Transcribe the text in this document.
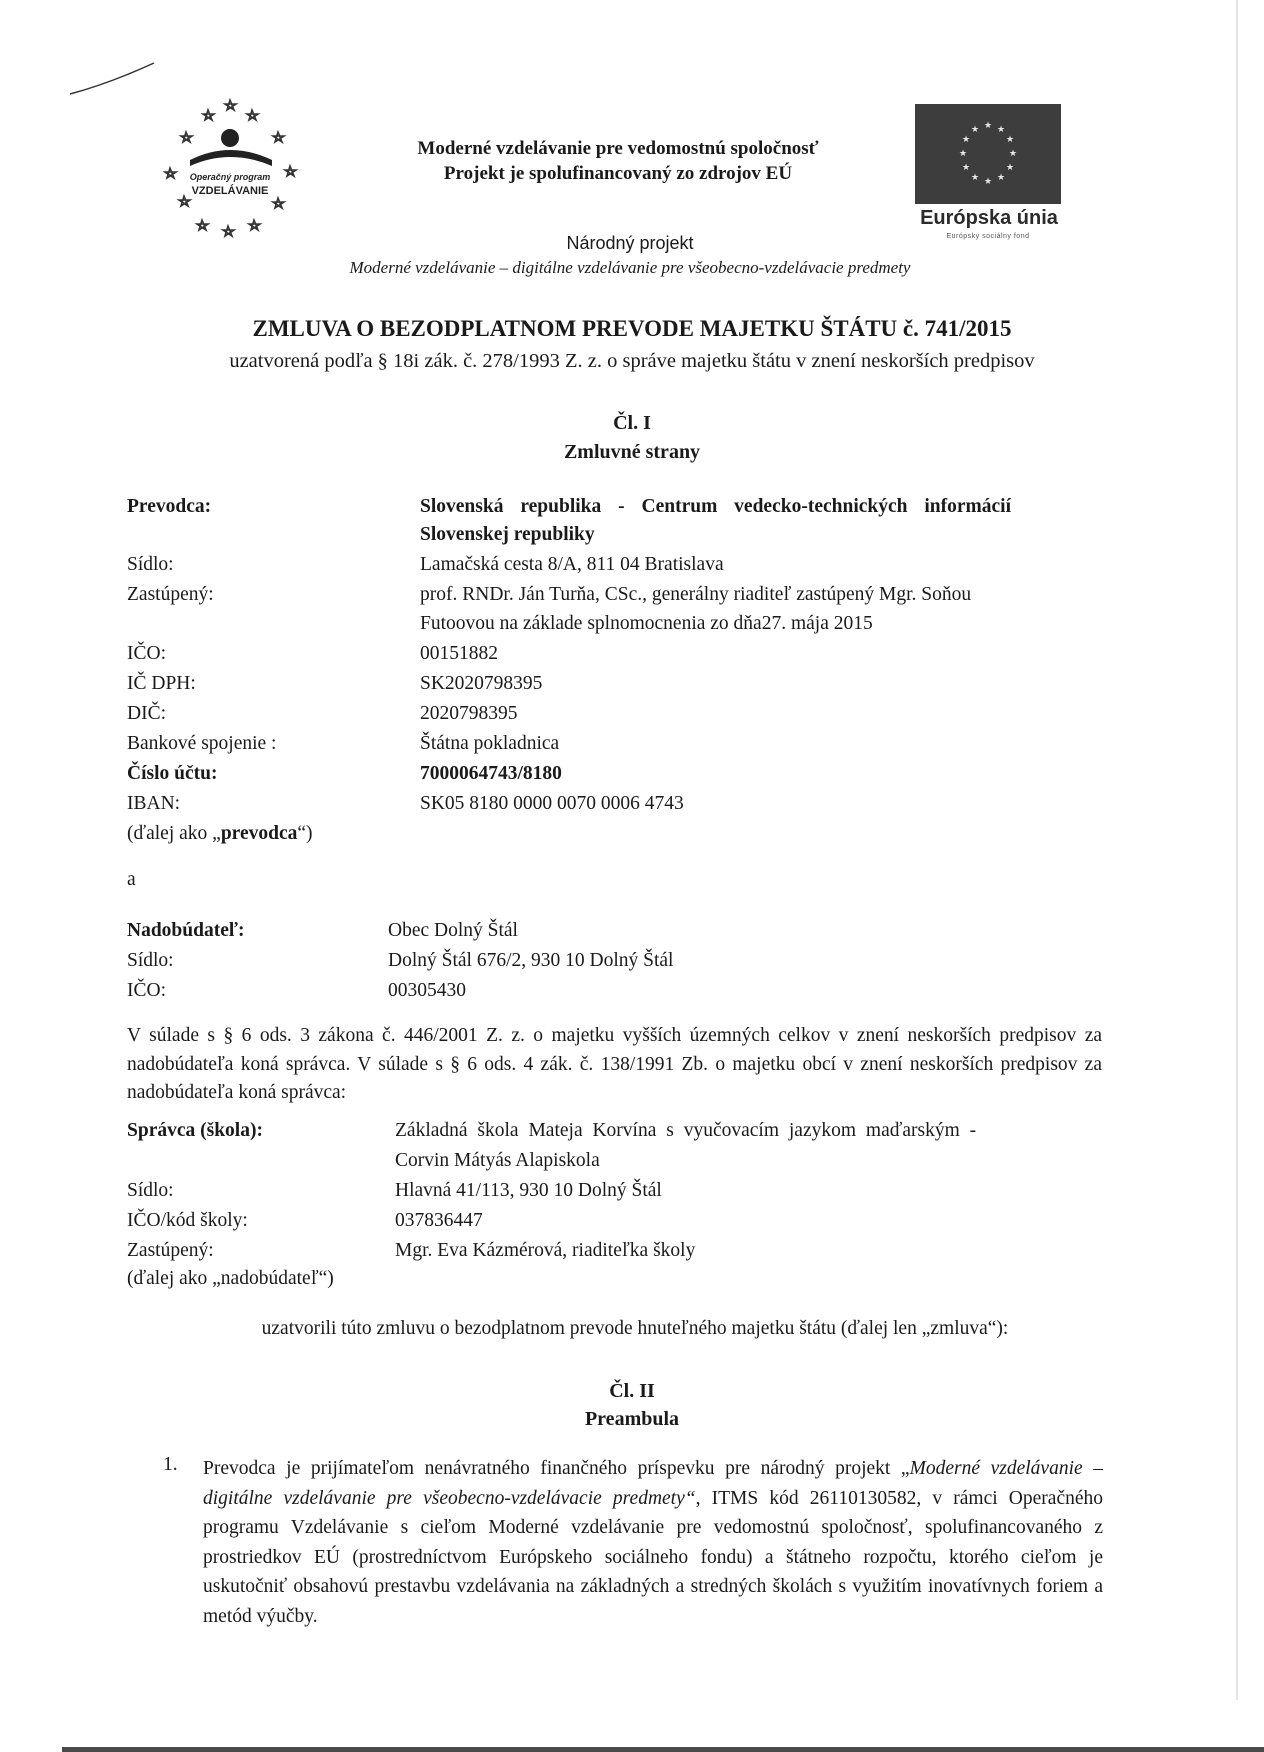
Operačný program
VZDELÁVANIE
Moderné vzdelávanie pre vedomostnú spoločnosť
Projekt je spolufinancovaný zo zdrojov EÚ
★ ★
★
★
★
★
★
★
★
★
★
★
Európska únia
Európsky sociálny fond
Národný projekt
Moderné vzdelávanie – digitálne vzdelávanie pre všeobecno-vzdelávacie predmety
ZMLUVA O BEZODPLATNOM PREVODE MAJETKU ŠTÁTU č. 741/2015
uzatvorená podľa § 18i zák. č. 278/1993 Z. z. o správe majetku štátu v znení neskorších predpisov
Čl. I
Zmluvné strany
Prevodca:	Slovenská republika - Centrum vedecko-technických informácií
Slovenskej republiky
Sídlo:	Lamačská cesta 8/A, 811 04 Bratislava
Zastúpený:	prof. RNDr. Ján Turňa, CSc., generálny riaditeľ zastúpený Mgr. Soňou
Futoovou na základe splnomocnenia zo dňa27. mája 2015
IČO:	00151882
IČ DPH:	SK2020798395
DIČ:	2020798395
Bankové spojenie :	Štátna pokladnica
Číslo účtu:	7000064743/8180
IBAN:	SK05 8180 0000 0070 0006 4743
(ďalej ako „prevodca“)
a
Nadobúdateľ:	Obec Dolný Štál
Sídlo:	Dolný Štál 676/2, 930 10 Dolný Štál
IČO:	00305430
V súlade s § 6 ods. 3 zákona č. 446/2001 Z. z. o majetku vyšších územných celkov v znení neskorších predpisov za nadobúdateľa koná správca. V súlade s § 6 ods. 4 zák. č. 138/1991 Zb. o majetku obcí v znení neskorších predpisov za nadobúdateľa koná správca:
Správca (škola):	Základná škola Mateja Korvína s vyučovacím jazykom maďarským -
Corvin Mátyás Alapiskola
Sídlo:	Hlavná 41/113, 930 10 Dolný Štál
IČO/kód školy:	037836447
Zastúpený:	Mgr. Eva Kázmérová, riaditeľka školy
(ďalej ako „nadobúdateľ“)
uzatvorili túto zmluvu o bezodplatnom prevode hnuteľného majetku štátu (ďalej len „zmluva“):
Čl. II
Preambula
1. Prevodca je prijímateľom nenávratného finančného príspevku pre národný projekt „Moderné vzdelávanie – digitálne vzdelávanie pre všeobecno-vzdelávacie predmety“, ITMS kód 26110130582, v rámci Operačného programu Vzdelávanie s cieľom Moderné vzdelávanie pre vedomostnú spoločnosť, spolufinancovaného z prostriedkov EÚ (prostredníctvom Európskeho sociálneho fondu) a štátneho rozpočtu, ktorého cieľom je uskutočniť obsahovú prestavbu vzdelávania na základných a stredných školách s využitím inovatívnych foriem a metód výučby.
